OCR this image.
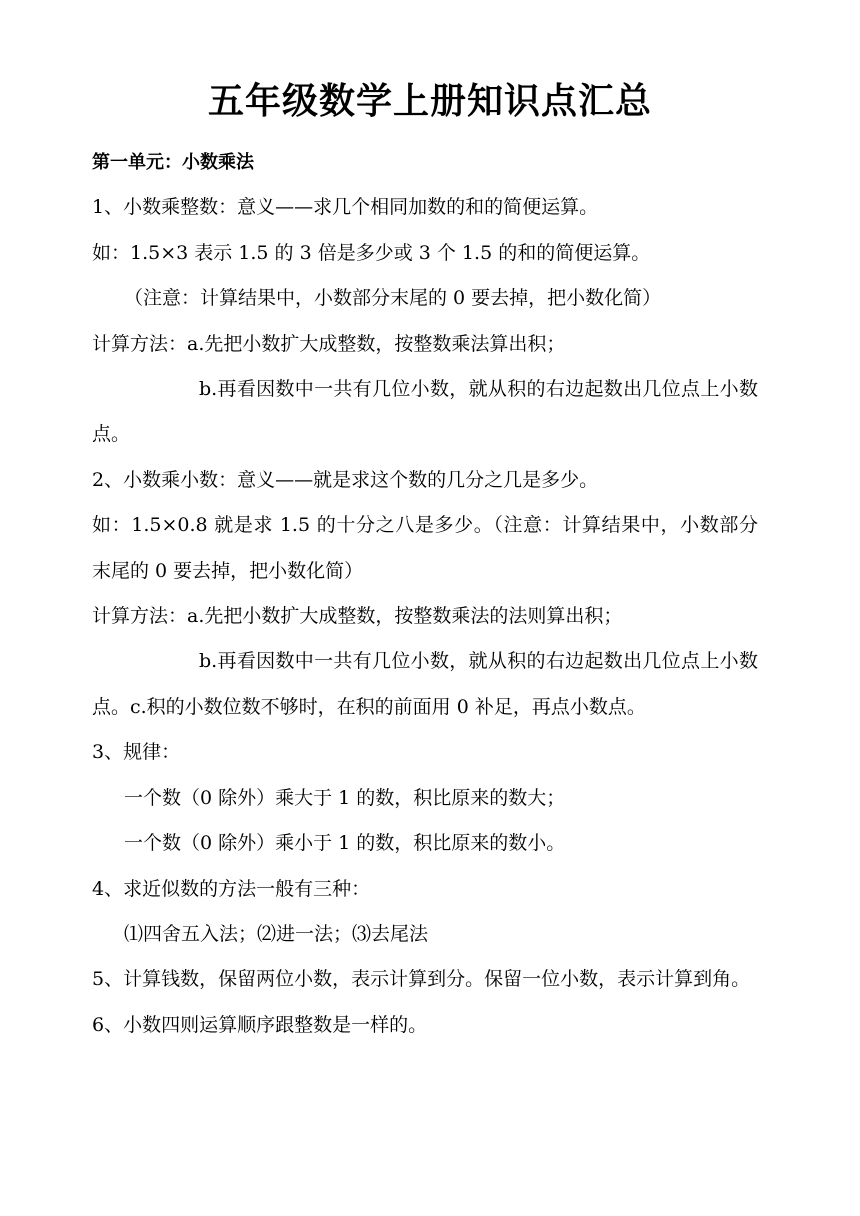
五年级数学上册知识点汇总

第一单元：小数乘法

1、小数乘整数：意义——求几个相同加数的和的简便运算。

如：1.5×3 表示 1.5 的 3 倍是多少或 3 个 1.5 的和的简便运算。

（注意：计算结果中，小数部分末尾的 0 要去掉，把小数化简）

计算方法：a.先把小数扩大成整数，按整数乘法算出积；

b.再看因数中一共有几位小数，就从积的右边起数出几位点上小数点。

2、小数乘小数：意义——就是求这个数的几分之几是多少。

如：1.5×0.8 就是求 1.5 的十分之八是多少。（注意：计算结果中，小数部分末尾的 0 要去掉，把小数化简）

计算方法：a.先把小数扩大成整数，按整数乘法的法则算出积；

b.再看因数中一共有几位小数，就从积的右边起数出几位点上小数点。c.积的小数位数不够时，在积的前面用 0 补足，再点小数点。

3、规律：

一个数（0 除外）乘大于 1 的数，积比原来的数大；

一个数（0 除外）乘小于 1 的数，积比原来的数小。

4、求近似数的方法一般有三种：

⑴四舍五入法；⑵进一法；⑶去尾法

5、计算钱数，保留两位小数，表示计算到分。保留一位小数，表示计算到角。

6、小数四则运算顺序跟整数是一样的。
